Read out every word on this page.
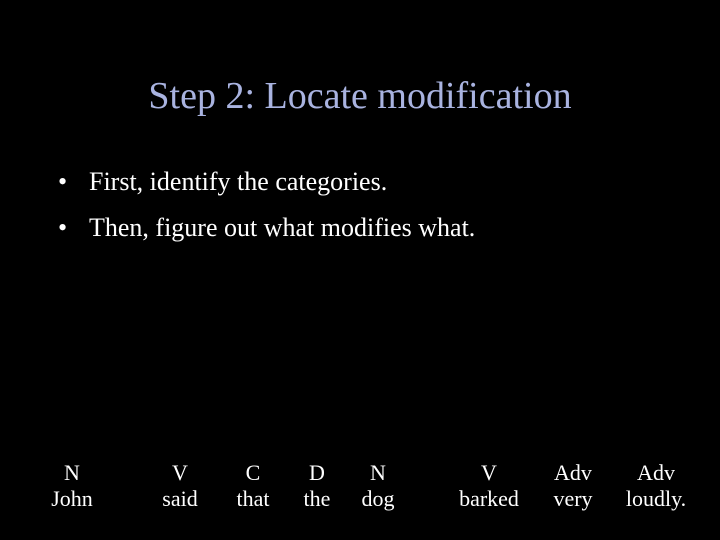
Step 2: Locate modification
• First, identify the categories.
• Then, figure out what modifies what.
N
John
V
said
C
that
D
the
N
dog
V
barked
Adv
very
Adv
loudly.
